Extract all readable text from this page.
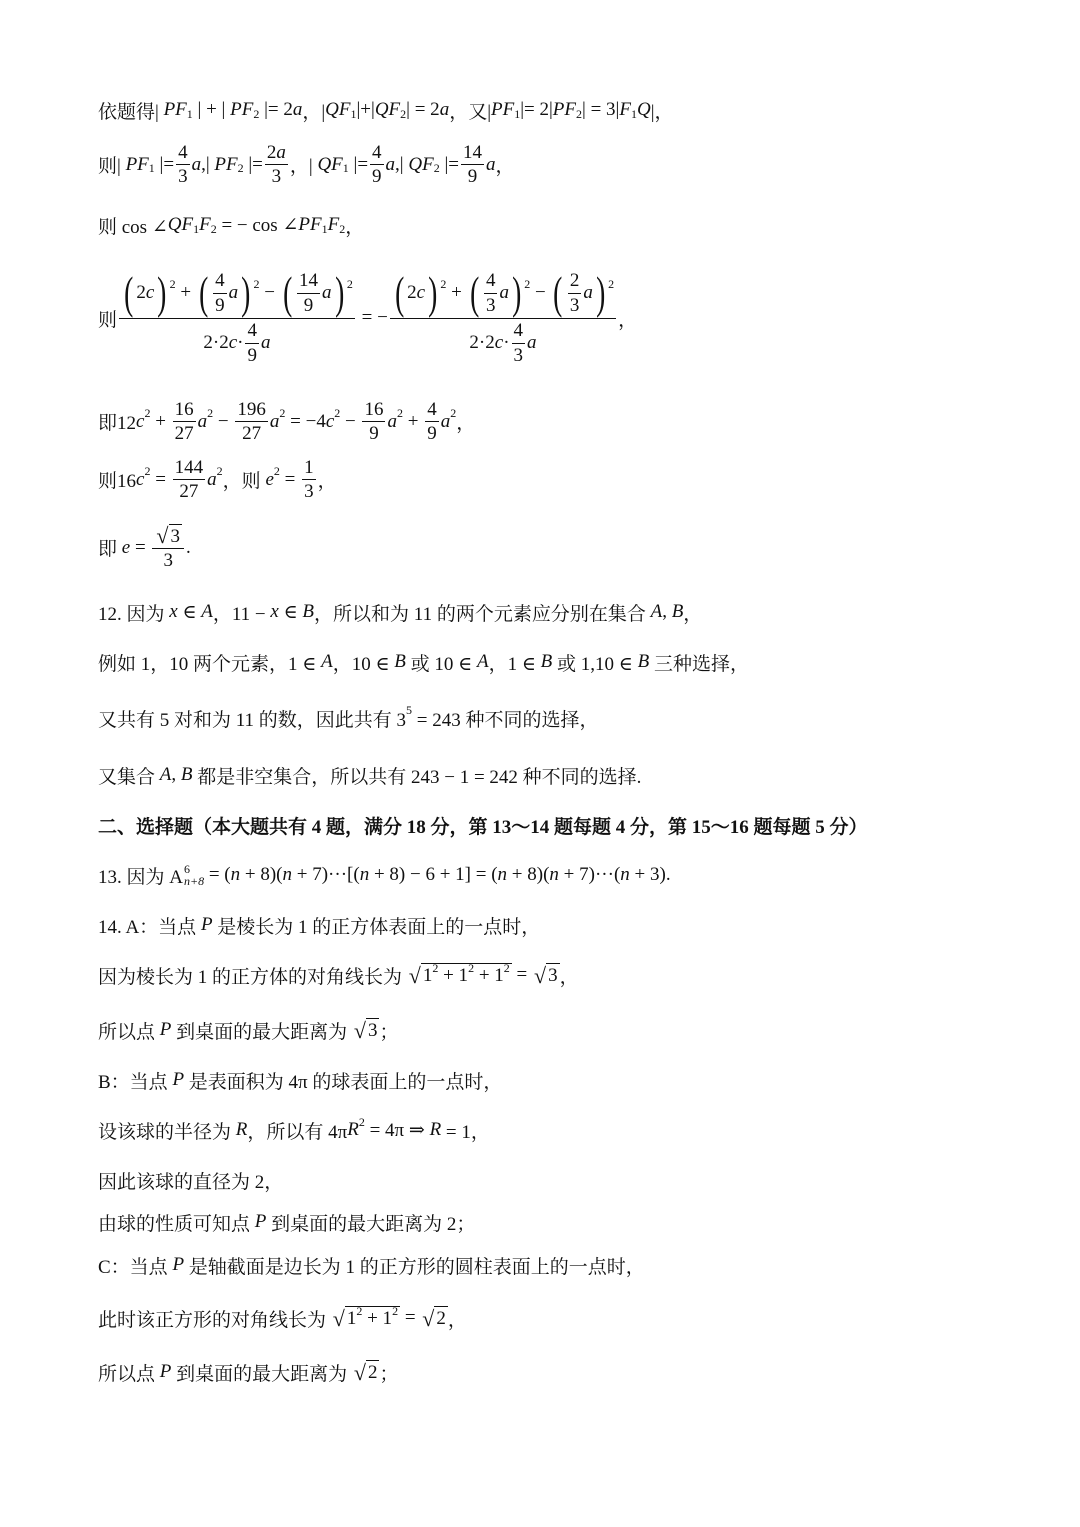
依题得| PF 1 | + | PF 2 |= 2 a ，| QF 1 |+| QF 2 | = 2 a ，又| PF 1 |= 2| PF 2 | = 3| F 1 Q |，
则| PF 1 |= $\frac{4}{3}$ a ,| PF 2 |= $\frac{2 a}{3}$ ，| QF 1 |= $\frac{4}{9}$ a ,| QF 2 |= $\frac{14}{9}$ a ，
则 cos ∠ QF 1 F 2 = − cos ∠ PF 1 F 2 ，
则 $\frac{( 2 c ) 2 + ( \frac{4}{9} a ) 2 - ( \frac{14}{9} a ) 2}{2\cdot 2 c \cdot \frac{4}{9} a}$ = − $\frac{( 2 c ) 2 + ( \frac{4}{3} a ) 2 - ( \frac{2}{3} a ) 2}{2\cdot 2 c \cdot \frac{4}{3} a}$ ，
即12 c $2 + \frac{16}{27}$ a $2 - \frac{196}{27}$ a 2 = −4 c $2 - \frac{16}{9}$ a $2 + \frac{4}{9}$ a 2 ，
则16 c $2 = \frac{144}{27}$ a 2 ，则 e $2 = \frac{1}{3}$ ，
即 $e = \frac{√ 3}{3}$ .
12. 因为 x ∈ A ，11 − x ∈ B ，所以和为 11 的两个元素应分别在集合 A , B ，
例如 1，10 两个元素，1 ∈ A ，10 ∈ B 或 10 ∈ A ，1 ∈ B 或 1,10 ∈ B 三种选择，
又共有 5 对和为 11 的数，因此共有 3 5 = 243 种不同的选择，
又集合 A , B 都是非空集合，所以共有 243 − 1 = 242 种不同的选择.
二、选择题（本大题共有 4 题，满分 18 分，第 13～14 题每题 4 分，第 15～16 题每题 5 分）
13. 因为 A 6
n+8 = ( n + 8)( n + 7)···[( n + 8) − 6 + 1] = ( n + 8)( n + 7)···( n + 3).
14. A：当点 P 是棱长为 1 的正方体表面上的一点时，
因为棱长为 1 的正方体的对角线长为 √ 1 2 + 1 2 + 1 2 = √ 3 ，
所以点 P 到桌面的最大距离为 √ 3 ；
B：当点 P 是表面积为 4π 的球表面上的一点时，
设该球的半径为 R ，所以有 4π R 2 = 4π ⇒ R = 1，
因此该球的直径为 2，
由球的性质可知点 P 到桌面的最大距离为 2；
C：当点 P 是轴截面是边长为 1 的正方形的圆柱表面上的一点时，
此时该正方形的对角线长为 √ 1 2 + 1 2 = √ 2 ，
所以点 P 到桌面的最大距离为 √ 2 ；
